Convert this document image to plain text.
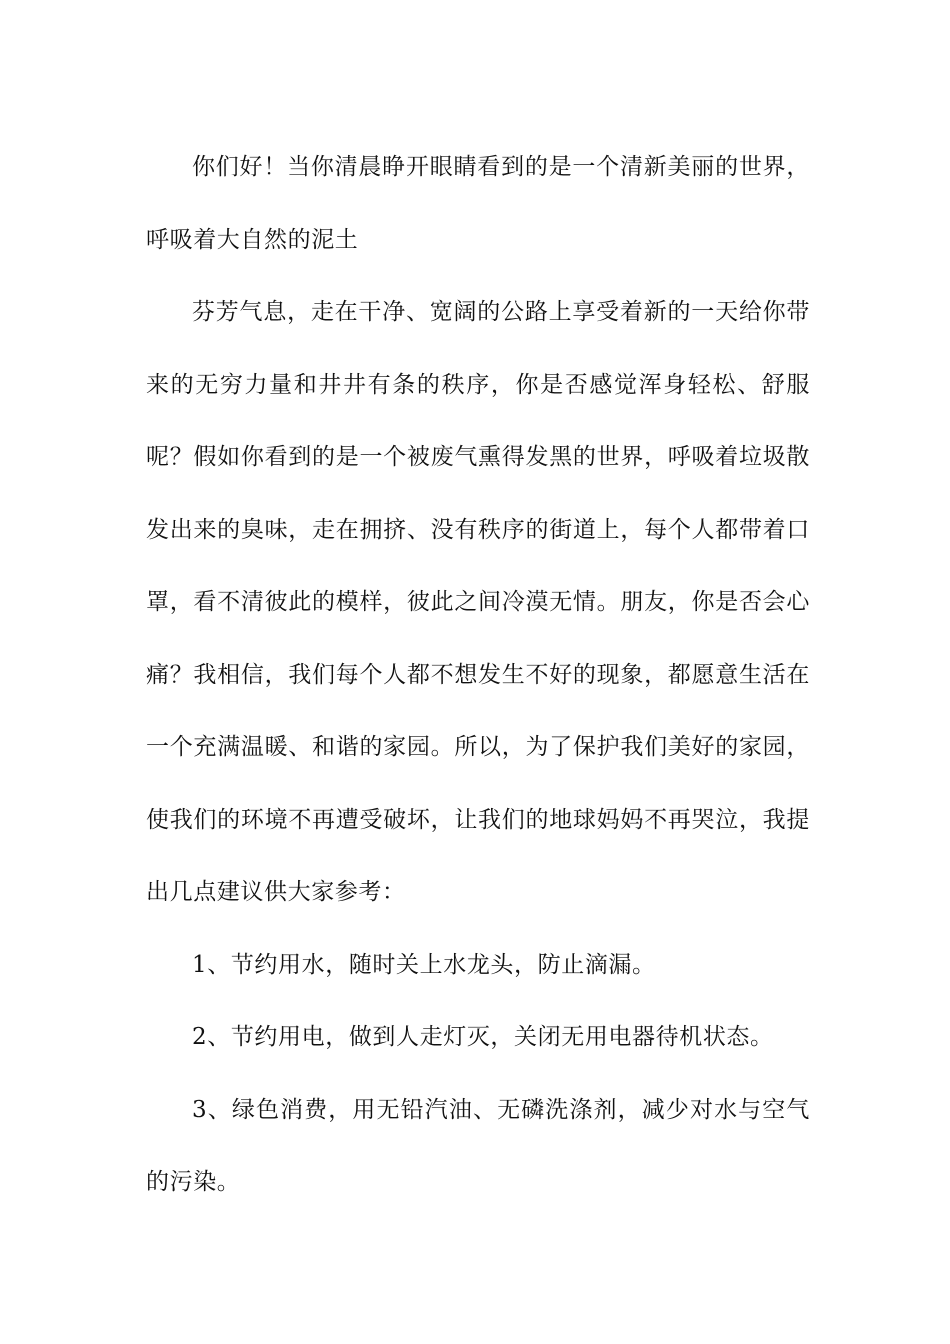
你们好！当你清晨睁开眼睛看到的是一个清新美丽的世界，呼吸着大自然的泥土

芬芳气息，走在干净、宽阔的公路上享受着新的一天给你带来的无穷力量和井井有条的秩序，你是否感觉浑身轻松、舒服呢？假如你看到的是一个被废气熏得发黑的世界，呼吸着垃圾散发出来的臭味，走在拥挤、没有秩序的街道上，每个人都带着口罩，看不清彼此的模样，彼此之间冷漠无情。朋友，你是否会心痛？我相信，我们每个人都不想发生不好的现象，都愿意生活在一个充满温暖、和谐的家园。所以，为了保护我们美好的家园，使我们的环境不再遭受破坏，让我们的地球妈妈不再哭泣，我提出几点建议供大家参考：

1、节约用水，随时关上水龙头，防止滴漏。

2、节约用电，做到人走灯灭，关闭无用电器待机状态。

3、绿色消费，用无铅汽油、无磷洗涤剂，减少对水与空气的污染。
